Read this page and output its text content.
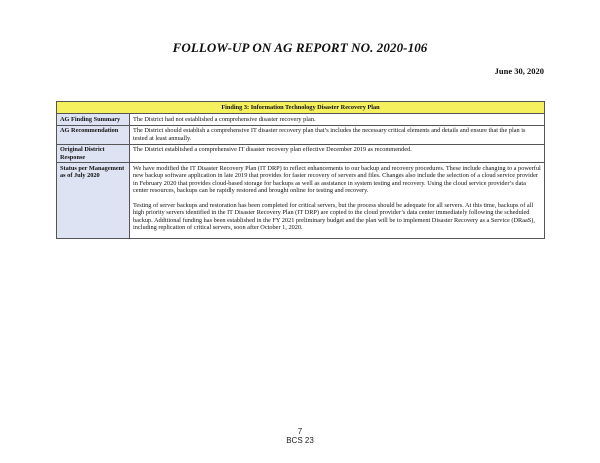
FOLLOW-UP ON AG REPORT NO. 2020-106
June 30, 2020
Finding 3: Information Technology Disaster Recovery Plan	
AG Finding Summary	The District had not established a comprehensive disaster recovery plan.
AG Recommendation	The District should establish a comprehensive IT disaster recovery plan that’s includes the necessary critical elements and details and ensure that the plan is tested at least annually.
Original District Response	The District established a comprehensive IT disaster recovery plan effective December 2019 as recommended.
Status per Management as of July 2020	We have modified the IT Disaster Recovery Plan (IT DRP) to reflect enhancements to our backup and recovery procedures. These include changing to a powerful new backup software application in late 2019 that provides for faster recovery of servers and files. Changes also include the selection of a cloud service provider in February 2020 that provides cloud-based storage for backups as well as assistance in system testing and recovery. Using the cloud service provider’s data center resources, backups can be rapidly restored and brought online for testing and recovery.

Testing of server backups and restoration has been completed for critical servers, but the process should be adequate for all servers. At this time, backups of all high priority servers identified in the IT Disaster Recovery Plan (IT DRP) are copied to the cloud provider’s data center immediately following the scheduled backup. Additional funding has been established in the FY 2021 preliminary budget and the plan will be to implement Disaster Recovery as a Service (DRaaS), including replication of critical servers, soon after October 1, 2020.

7
BCS 23
